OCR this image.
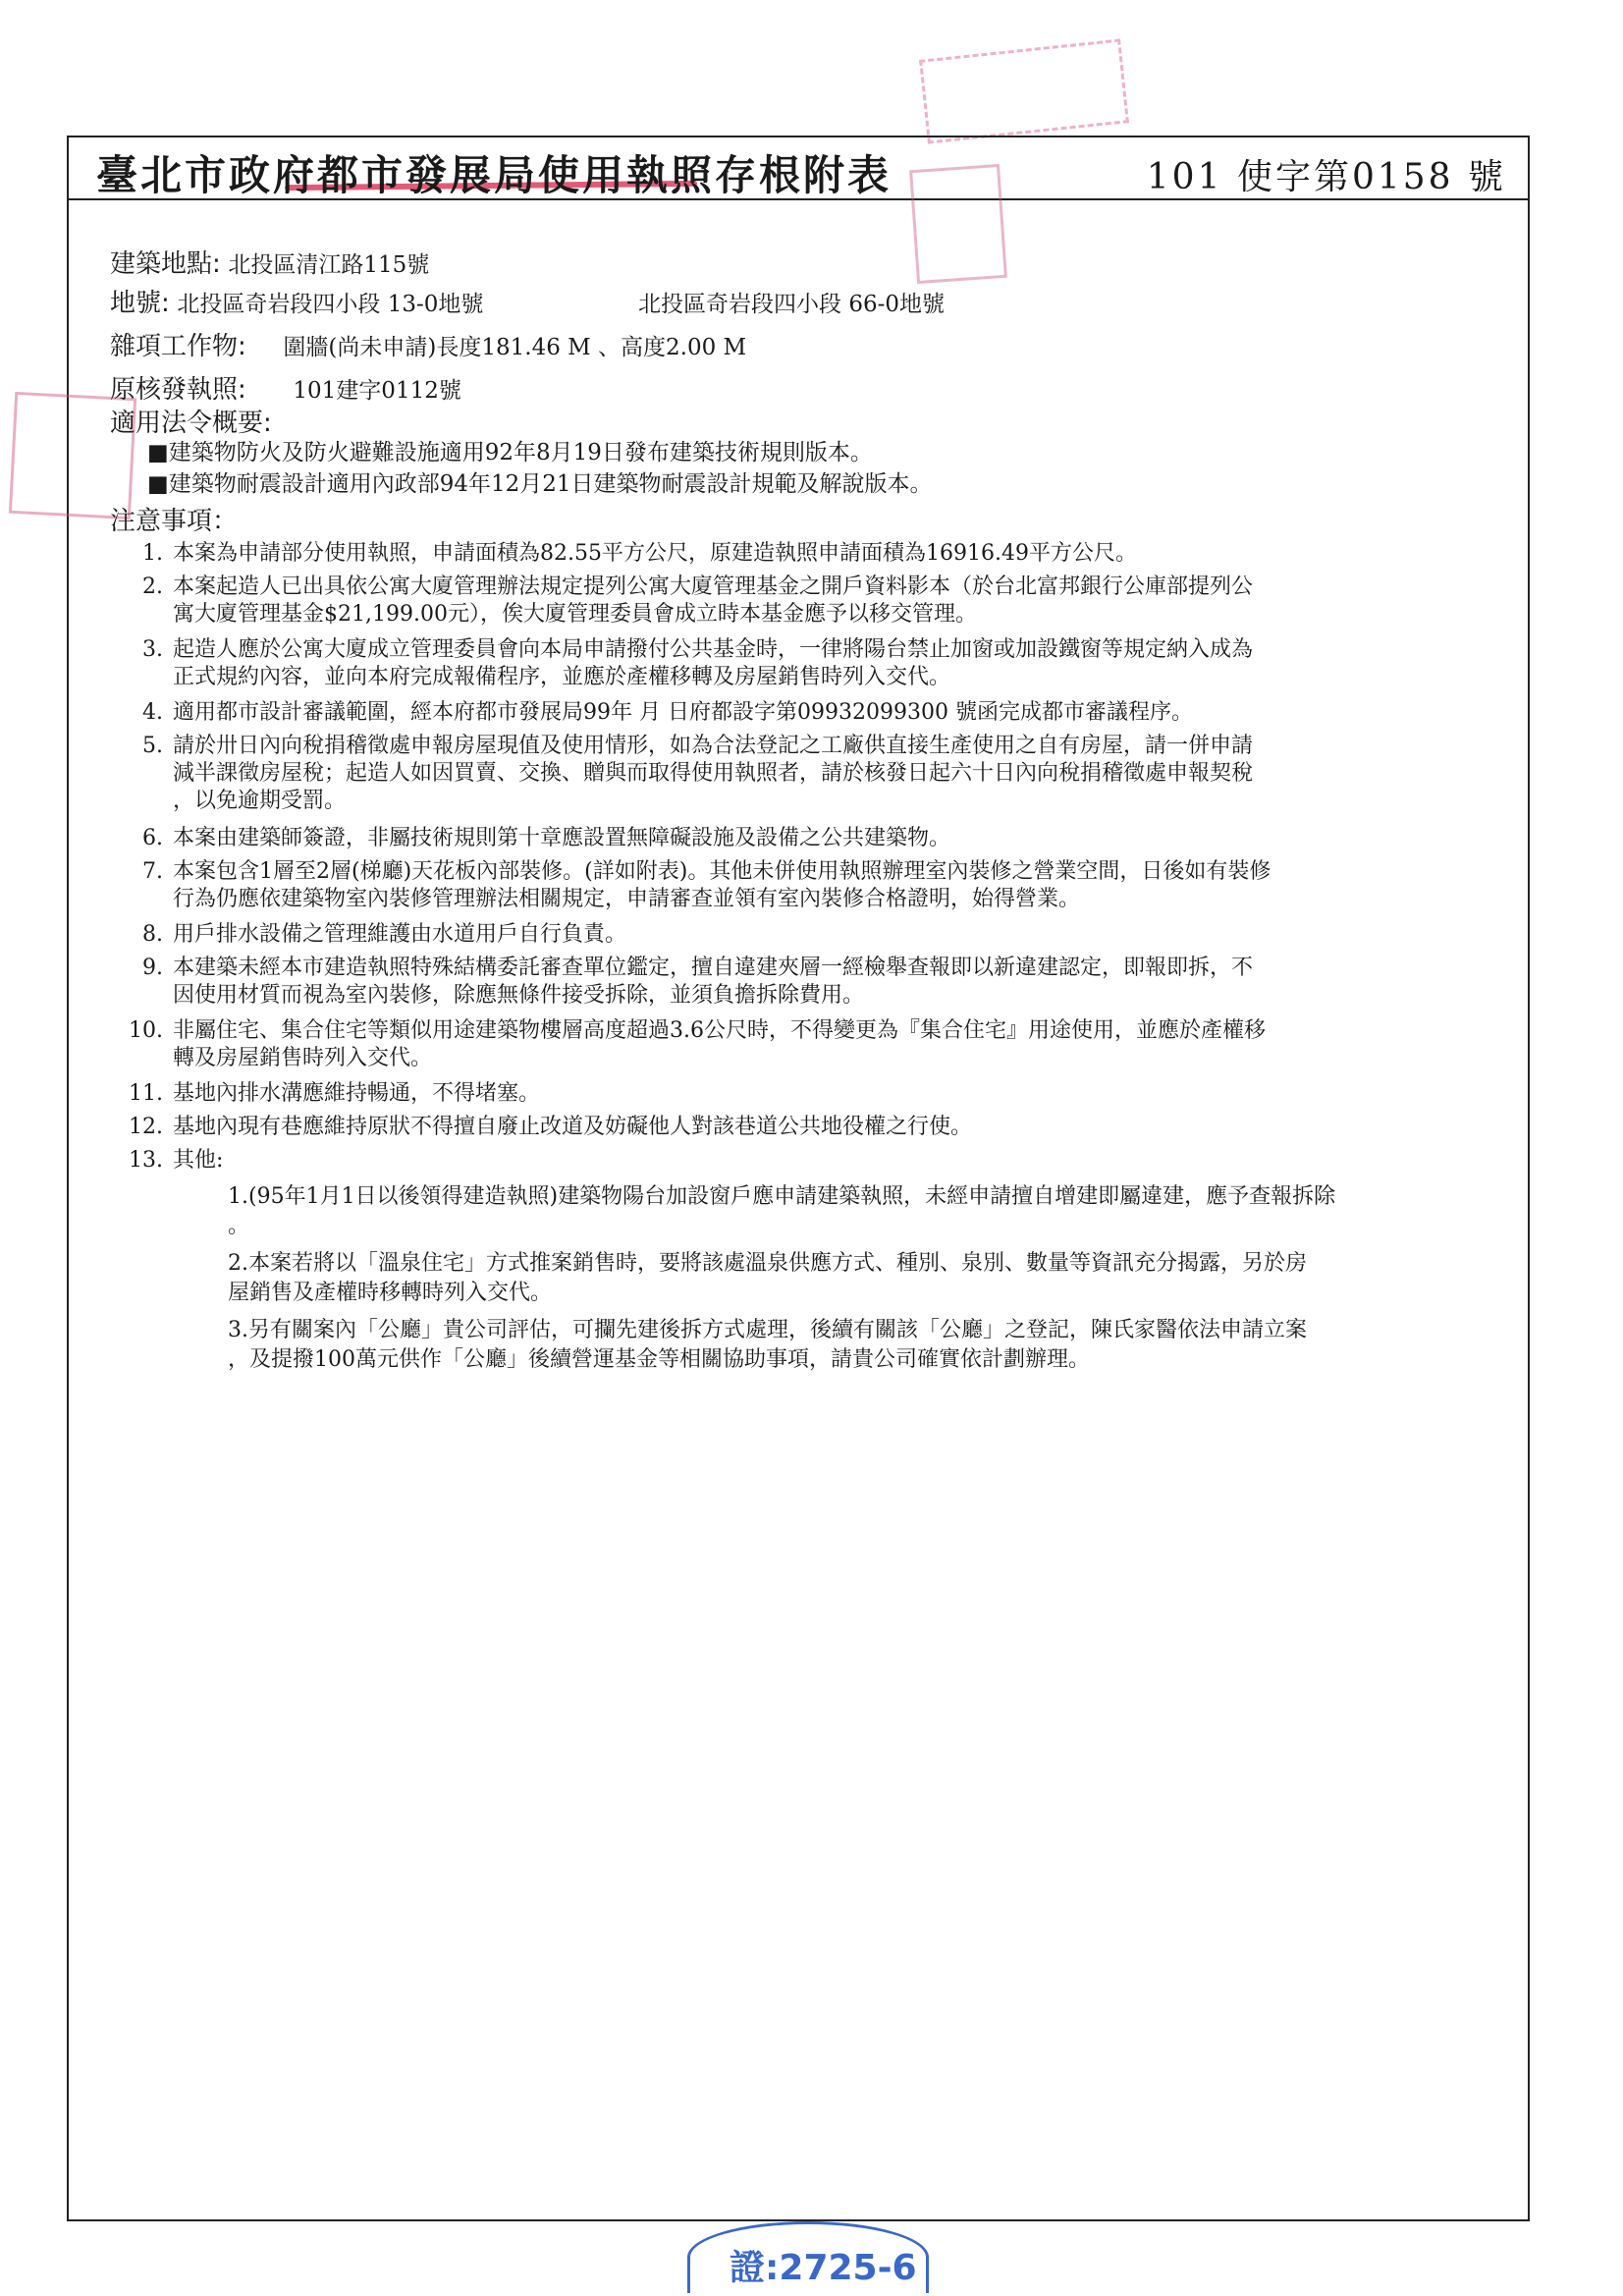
臺北市政府都市發展局使用執照存根附表	101 使字第0158 號
建築地點: 北投區清江路115號
地號: 北投區奇岩段四小段 13-0地號	北投區奇岩段四小段 66-0地號
雜項工作物: 圍牆(尚未申請)長度181.46 M 、高度2.00 M
原核發執照: 101建字0112號
適用法令概要:
■建築物防火及防火避難設施適用92年8月19日發布建築技術規則版本。
■建築物耐震設計適用內政部94年12月21日建築物耐震設計規範及解說版本。
注意事項：
1. 本案為申請部分使用執照，申請面積為82.55平方公尺，原建造執照申請面積為16916.49平方公尺。
2. 本案起造人已出具依公寓大廈管理辦法規定提列公寓大廈管理基金之開戶資料影本（於台北富邦銀行公庫部提列公
寓大廈管理基金$21,199.00元），俟大廈管理委員會成立時本基金應予以移交管理。
3. 起造人應於公寓大廈成立管理委員會向本局申請撥付公共基金時，一律將陽台禁止加窗或加設鐵窗等規定納入成為
正式規約內容，並向本府完成報備程序，並應於產權移轉及房屋銷售時列入交代。
4. 適用都市設計審議範圍，經本府都市發展局99年 月 日府都設字第09932099300 號函完成都市審議程序。
5. 請於卅日內向稅捐稽徵處申報房屋現值及使用情形，如為合法登記之工廠供直接生產使用之自有房屋，請一併申請
減半課徵房屋稅；起造人如因買賣、交換、贈與而取得使用執照者，請於核發日起六十日內向稅捐稽徵處申報契稅
，以免逾期受罰。
6. 本案由建築師簽證，非屬技術規則第十章應設置無障礙設施及設備之公共建築物。
7. 本案包含1層至2層(梯廳)天花板內部裝修。(詳如附表)。其他未併使用執照辦理室內裝修之營業空間，日後如有裝修
行為仍應依建築物室內裝修管理辦法相關規定，申請審查並領有室內裝修合格證明，始得營業。
8. 用戶排水設備之管理維護由水道用戶自行負責。
9. 本建築未經本市建造執照特殊結構委託審查單位鑑定，擅自違建夾層一經檢舉查報即以新違建認定，即報即拆，不
因使用材質而視為室內裝修，除應無條件接受拆除，並須負擔拆除費用。
10. 非屬住宅、集合住宅等類似用途建築物樓層高度超過3.6公尺時，不得變更為『集合住宅』用途使用，並應於產權移
轉及房屋銷售時列入交代。
11. 基地內排水溝應維持暢通，不得堵塞。
12. 基地內現有巷應維持原狀不得擅自廢止改道及妨礙他人對該巷道公共地役權之行使。
13. 其他:
1.(95年1月1日以後領得建造執照)建築物陽台加設窗戶應申請建築執照，未經申請擅自增建即屬違建，應予查報拆除
。
2.本案若將以「溫泉住宅」方式推案銷售時，要將該處溫泉供應方式、種別、泉別、數量等資訊充分揭露，另於房
屋銷售及產權時移轉時列入交代。
3.另有關案內「公廳」貴公司評估，可攔先建後拆方式處理，後續有關該「公廳」之登記，陳氏家醫依法申請立案
，及提撥100萬元供作「公廳」後續營運基金等相關協助事項，請貴公司確實依計劃辦理。
證:2725-6
